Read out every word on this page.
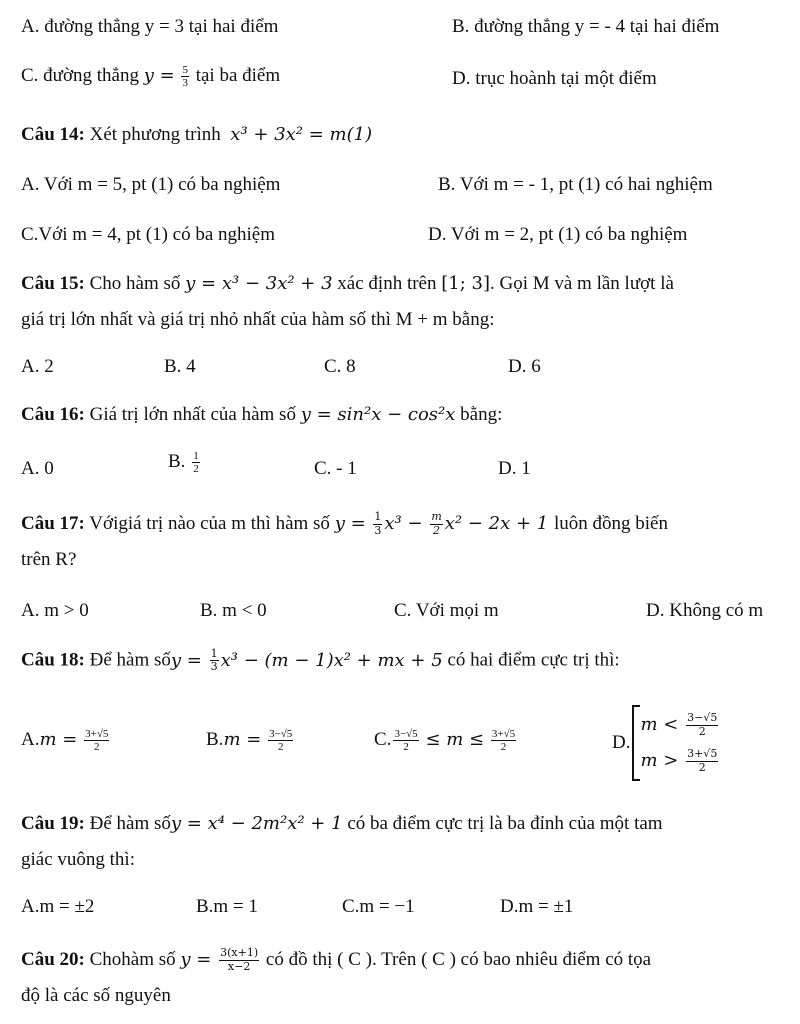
A. đường thẳng y = 3 tại hai điểm	B. đường thẳng y = - 4 tại hai điểm
C. đường thẳng $y = \frac{5}{3}$ tại ba điểm	D. trục hoành tại một điểm
Câu 14: Xét phương trình x³ + 3x² = m(1)
A. Với m = 5, pt (1) có ba nghiệm	B. Với m = - 1, pt (1) có hai nghiệm
C.Với m = 4, pt (1) có ba nghiệm	D. Với m = 2, pt (1) có ba nghiệm
Câu 15: Cho hàm số y = x³ − 3x² + 3 xác định trên [1; 3]. Gọi M và m lần lượt là
giá trị lớn nhất và giá trị nhỏ nhất của hàm số thì M + m bằng:
A. 2	B. 4	C. 8	D. 6
Câu 16: Giá trị lớn nhất của hàm số y = sin²x − cos²x bằng:
A. 0	B. $\frac{1}{2}$	C. - 1	D. 1
Câu 17: Vớigiá trị nào của m thì hàm số $y = \frac{1}{3} x^3 - \frac{m}{2} x^2 - 2x + 1$ luôn đồng biến
trên R?
A. m > 0	B. m < 0	C. Với mọi m	D. Không có m
Câu 18: Để hàm sốy = $\frac{1}{3} x^3 - (m - 1)x^2$ + mx + 5 có hai điểm cực trị thì:
$A.m = \frac{3+√5}{2}$	$B.m = \frac{3-√5}{2}$	C. $\frac{3-√5}{2} \le m \le \frac{3+√5}{2}$	$D.m < \frac{3-√5}{2}$

$m > \frac{3+√5}{2}$
Câu 19: Để hàm sốy = x⁴ − 2m²x² + 1 có ba điểm cực trị là ba đỉnh của một tam
giác vuông thì:
A.m = ±2	B.m = 1	C.m = −1	D.m = ±1
Câu 20: Chohàm số $y = \frac{3(x+1)}{x-2}$ có đồ thị ( C ). Trên ( C ) có bao nhiêu điểm có tọa
độ là các số nguyên
